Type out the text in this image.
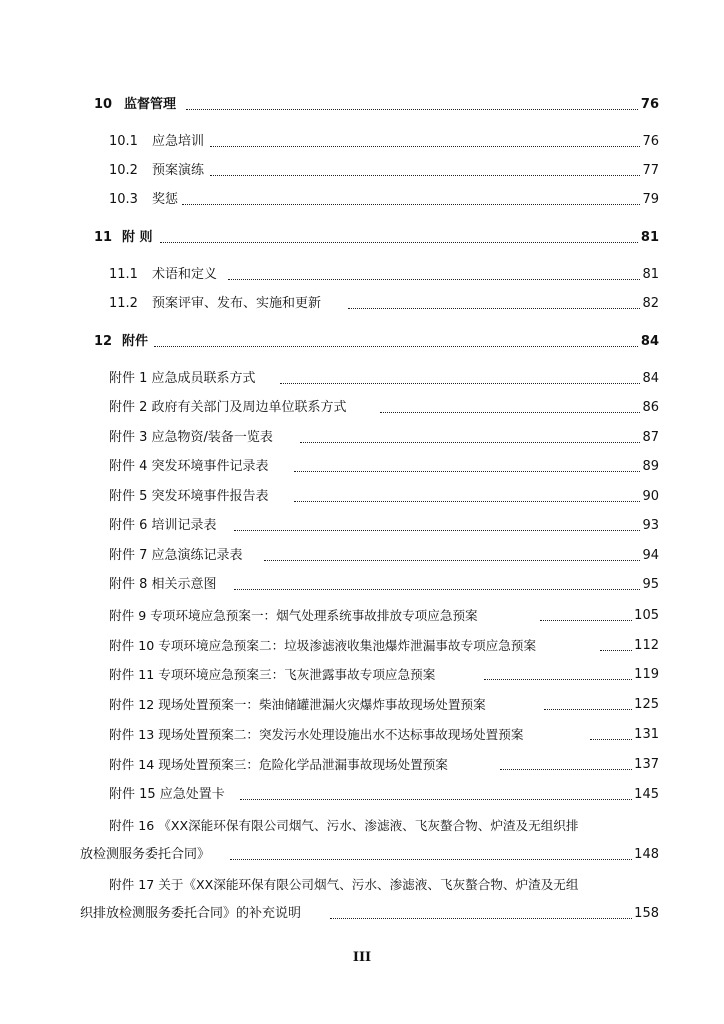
10 监督管理	76
10.1 应急培训	76
10.2 预案演练	77
10.3 奖惩	79
11 附 则	81
11.1 术语和定义	81
11.2 预案评审、发布、实施和更新	82
12 附件	84
附件 1 应急成员联系方式	84
附件 2 政府有关部门及周边单位联系方式	86
附件 3 应急物资/装备一览表	87
附件 4 突发环境事件记录表	89
附件 5 突发环境事件报告表	90
附件 6 培训记录表	93
附件 7 应急演练记录表	94
附件 8 相关示意图	95
附件 9 专项环境应急预案一：烟气处理系统事故排放专项应急预案	105
附件 10 专项环境应急预案二：垃圾渗滤液收集池爆炸泄漏事故专项应急预案	112
附件 11 专项环境应急预案三：飞灰泄露事故专项应急预案	119
附件 12 现场处置预案一：柴油储罐泄漏火灾爆炸事故现场处置预案	125
附件 13 现场处置预案二：突发污水处理设施出水不达标事故现场处置预案	131
附件 14 现场处置预案三：危险化学品泄漏事故现场处置预案	137
附件 15 应急处置卡	145
附件 16 《XX深能环保有限公司烟气、污水、渗滤液、飞灰螯合物、炉渣及无组织排
放检测服务委托合同》	148
附件 17 关于《XX深能环保有限公司烟气、污水、渗滤液、飞灰螯合物、炉渣及无组
织排放检测服务委托合同》的补充说明	158
III
